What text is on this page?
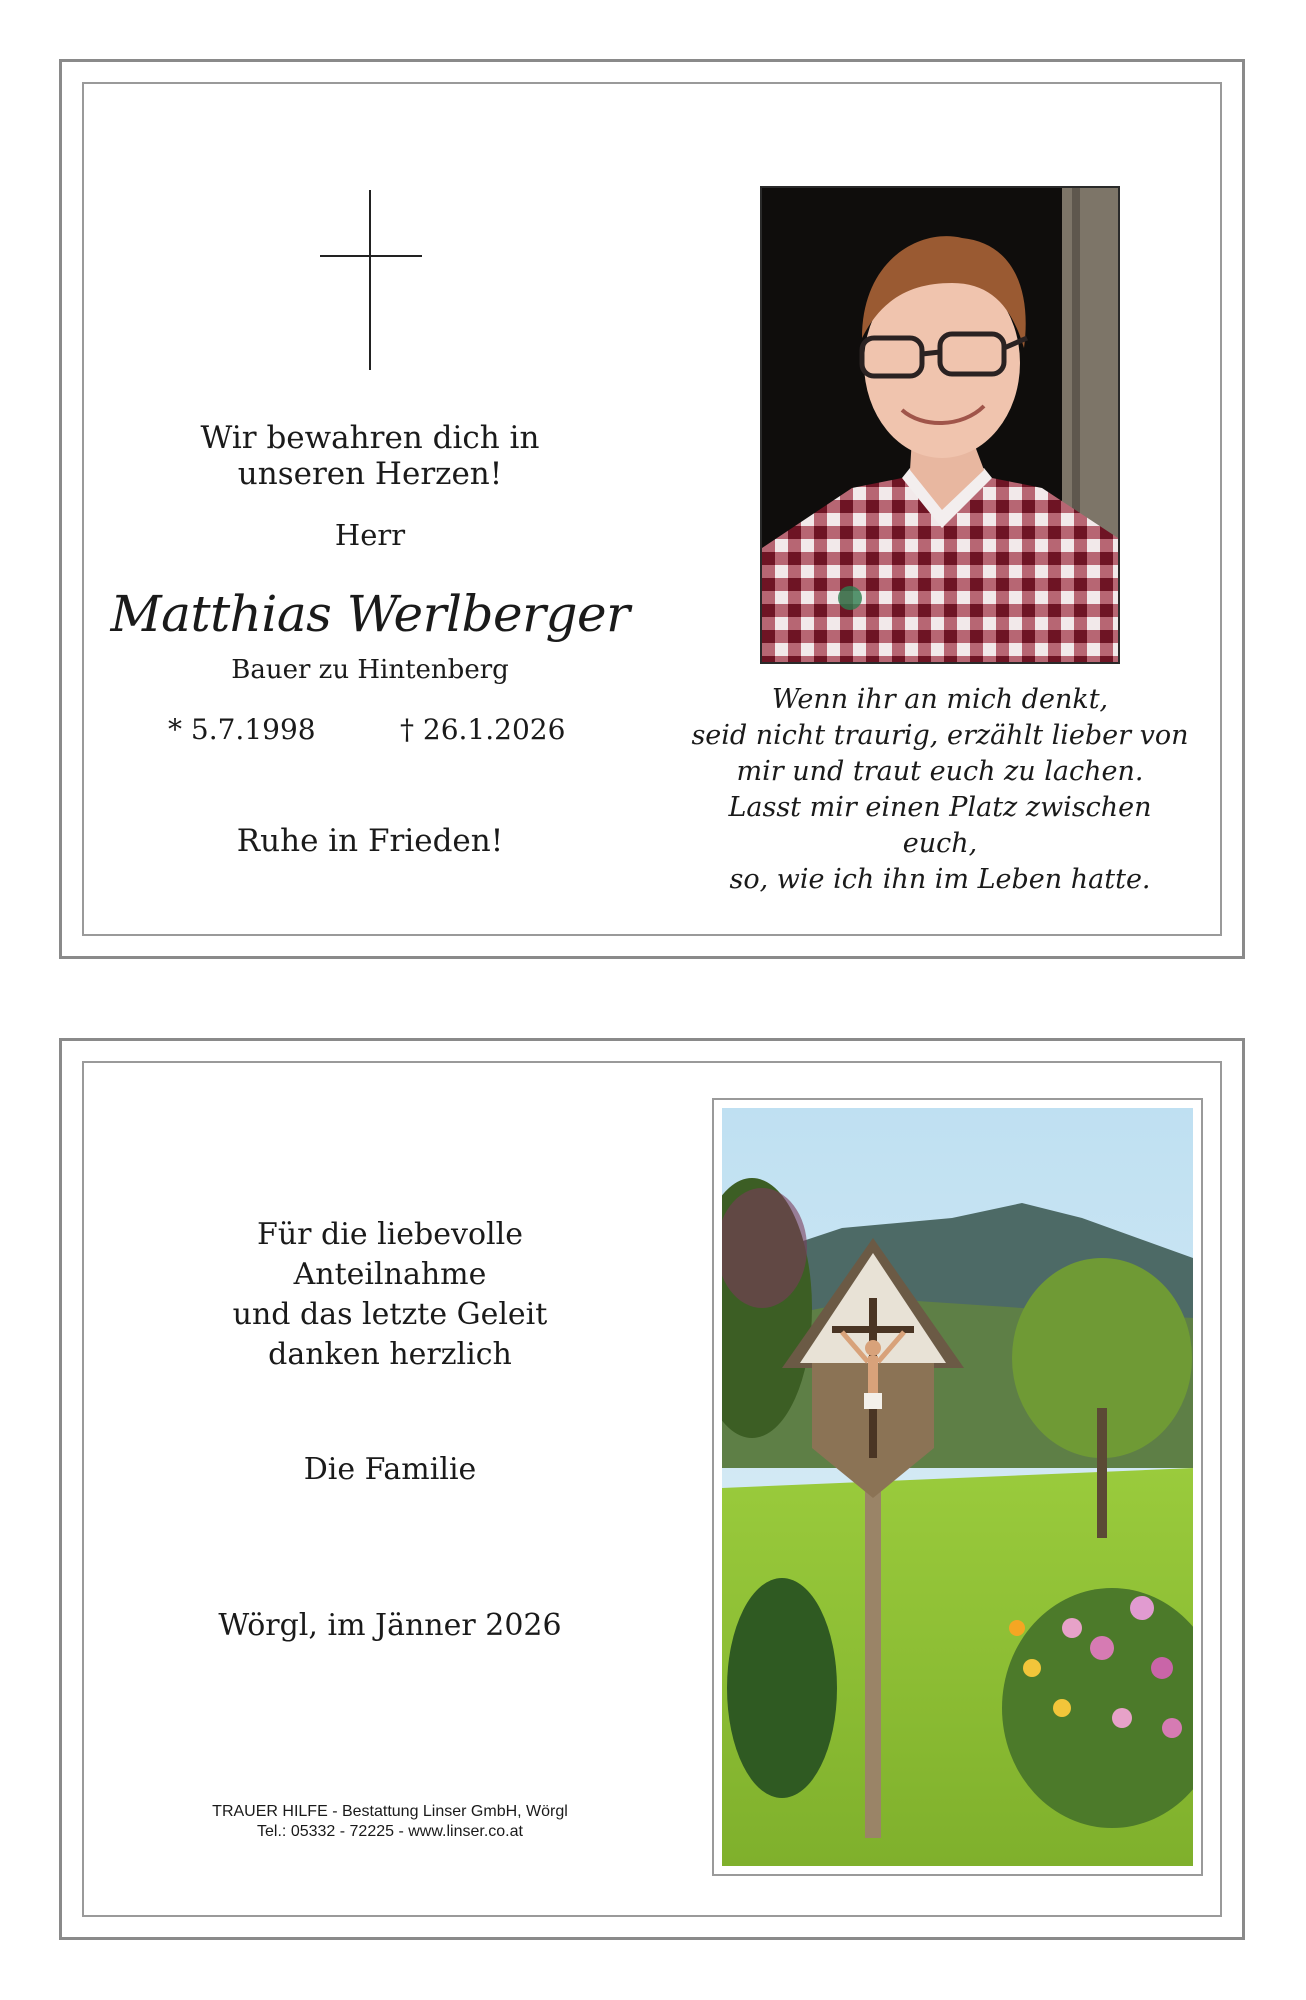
Wir bewahren dich in
unseren Herzen!
Herr
Matthias Werlberger
Bauer zu Hintenberg
* 5.7.1998	† 26.1.2026
Ruhe in Frieden!
Wenn ihr an mich denkt,
seid nicht traurig, erzählt lieber von
mir und traut euch zu lachen.
Lasst mir einen Platz zwischen euch,
so, wie ich ihn im Leben hatte.
Für die liebevolle
Anteilnahme
und das letzte Geleit
danken herzlich
Die Familie
Wörgl, im Jänner 2026
TRAUER HILFE - Bestattung Linser GmbH, Wörgl
Tel.: 05332 - 72225 - www.linser.co.at
